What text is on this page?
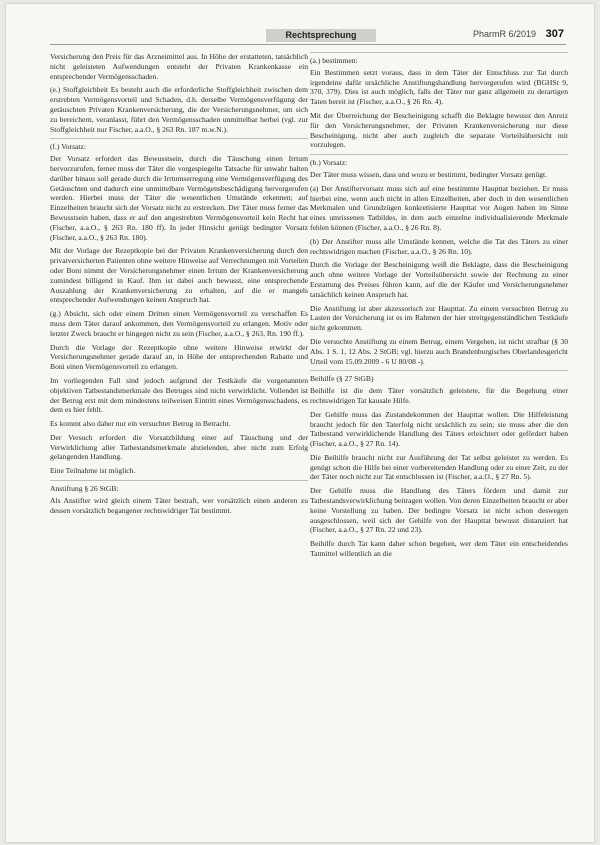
Rechtsprechung	PharmR 6/2019 307
Versicherung den Preis für das Arzneimittel aus. In Höhe der erstatteten, tatsächlich nicht geleisteten Aufwendungen entsteht der Privaten Krankenkasse ein entsprechender Vermögensschaden.
(e.) Stoffgleichheit Es besteht auch die erforderliche Stoffgleichheit zwischen dem erstrebten Vermögensvorteil und Schaden, d.h. derselbe Vermögensverfügung der getäuschten Privaten Krankenversicherung, die der Versicherungsnehmer, um sich zu bereichern, veranlasst, führt den Vermögensschaden unmittelbar herbei (vgl. zur Stoffgleichheit nur Fischer, a.a.O., § 263 Rn. 187 m.w.N.).
(f.) Vorsatz:
Der Vorsatz erfordert das Bewusstsein, durch die Täuschung einen Irrtum hervorzurufen, ferner muss der Täter die vorgespiegelte Tatsache für unwahr halten darüber hinaus soll gerade durch die Irrtumserregung eine Vermögensverfügung des Getäuschten und dadurch eine unmittelbare Vermögensbeschädigung hervorgerufen werden. Hierbei muss der Täter die wesentlichen Umstände erkennen; auf Einzelheiten braucht sich der Vorsatz nicht zu erstrecken. Der Täter muss ferner das Bewusstsein haben, dass er auf den angestrebten Vermögensvorteil kein Recht hat (Fischer, a.a.O., § 263 Rn. 180 ff). In jeder Hinsicht genügt bedingter Vorsatz (Fischer, a.a.O., § 263 Rn. 180).
Mit der Vorlage der Rezeptkopie bei der Privaten Krankenversicherung durch den privatversicherten Patienten ohne weitere Hinweise auf Verrechnungen mit Vorteilen oder Boni nimmt der Versicherungsnehmer einen Irrtum der Krankenversicherung zumindest billigend in Kauf. Ihm ist dabei auch bewusst, eine entsprechende Auszahlung der Krankenversicherung zu erhalten, auf die er mangels entsprechender Aufwendungen keinen Anspruch hat.
(g.) Absicht, sich oder einem Dritten einen Vermögensvorteil zu verschaffen Es muss dem Täter darauf ankommen, den Vermögensvorteil zu erlangen. Motiv oder letzter Zweck braucht er hingegen nicht zu sein (Fischer, a.a.O., § 263, Rn. 190 ff.).
Durch die Vorlage der Rezeptkopie ohne weitere Hinweise erwirkt der Versicherungsnehmer gerade darauf an, in Höhe der entsprechenden Rabatte und Boni einen Vermögensvorteil zu erlangen.
Im vorliegenden Fall sind jedoch aufgrund der Testkäufe die vorgenannten objektiven Tatbestandsmerkmale des Betruges sind nicht verwirklicht. Vollendet ist der Betrug erst mit dem mindestens teilweisen Eintritt eines Vermögensschadens, es dem es hier fehlt.
Es kommt also daher nur ein versuchter Betrug in Betracht.
Der Versuch erfordert die Vorsatzbildung einer auf Täuschung und der Verwirklichung aller Tatbestandsmerkmale abzielenden, aber nicht zum Erfolg gelangenden Handlung.
Eine Teilnahme ist möglich.
Anstiftung § 26 StGB:
Als Anstifter wird gleich einem Täter bestraft, wer vorsätzlich einen anderen zu dessen vorsätzlich begangener rechtswidriger Tat bestimmt.
(a.) bestimmen:
Ein Bestimmen setzt voraus, dass in dem Täter der Entschluss zur Tat durch irgendeine dafür ursächliche Anstiftungshandlung hervorgerufen wird (BGHSt 9, 370, 379). Dies ist auch möglich, falls der Täter nur ganz allgemein zu derartigen Taten bereit ist (Fischer, a.a.O., § 26 Rn. 4).
Mit der Überreichung der Bescheinigung schafft die Beklagte bewusst den Anreiz für den Versicherungsnehmer, der Privaten Krankenversicherung nur diese Bescheinigung, nicht aber auch zugleich die separate Vorteilsübersicht mit vorzulegen.
(b.) Vorsatz:
Der Täter muss wissen, dass und wozu er bestimmt, bedingter Vorsatz genügt.
(a) Der Anstiftervorsatz muss sich auf eine bestimmte Haupttat beziehen. Er muss hierbei eine, wenn auch nicht in allen Einzelheiten, aber doch in den wesentlichen Merkmalen und Grundzügen konkretisierte Haupttat vor Augen haben im Sinne eines umrissenen Tatbildes, in dem auch einzelne individualisierende Merkmale fehlen können (Fischer, a.a.O., § 26 Rn. 8).
(b) Der Anstifter muss alle Umstände kennen, welche die Tat des Täters zu einer rechtswidrigen machen (Fischer, a.a.O., § 26 Rn. 10).
Durch die Vorlage der Bescheinigung weiß die Beklagte, dass die Bescheinigung auch ohne weitere Vorlage der Vorteilsübersicht sowie der Rechnung zu einer Erstattung des Preises führen kann, auf die der Käufer und Versicherungsnehmer tatsächlich keinen Anspruch hat.
Die Anstiftung ist aber akzessorisch zur Haupttat. Zu einem versuchten Betrug zu Lasten der Versicherung ist es im Rahmen der hier streitgegenständlichen Testkäufe nicht gekommen.
Die versuchte Anstiftung zu einem Betrug, einem Vergehen, ist nicht strafbar (§ 30 Abs. 1 S. 1, 12 Abs. 2 StGB; vgl. hierzu auch Brandenburgisches Oberlandesgericht Urteil vom 15.09.2009 - 6 U 80/08 -).
Beihilfe (§ 27 StGB)
Beihilfe ist die dem Täter vorsätzlich geleistete, für die Begehung einer rechtswidrigen Tat kausale Hilfe.
Der Gehilfe muss das Zustandekommen der Haupttat wollen. Die Hilfeleistung braucht jedoch für den Taterfolg nicht ursächlich zu sein; sie muss aber die den Tatbestand verwirklichende Handlung des Täters erleichtert oder gefördert haben (Fischer, a.a.O., § 27 Rn. 14).
Die Beihilfe braucht nicht zur Ausführung der Tat selbst geleistet zu werden. Es genügt schon die Hilfe bei einer vorbereitenden Handlung oder zu einer Zeit, zu der der Täter noch nicht zur Tat entschlossen ist (Fischer, a.a.O., § 27 Rn. 5).
Der Gehilfe muss die Handlung des Täters fördern und damit zur Tatbestandsverwirklichung beitragen wollen. Von deren Einzelheiten braucht er aber keine Vorstellung zu haben. Der bedingte Vorsatz ist nicht schon deswegen ausgeschlossen, weil sich der Gehilfe von der Haupttat bewusst distanziert hat (Fischer, a.a.O., § 27 Rn. 22 und 23).
Beihilfe durch Tat kann daher schon begehen, wer dem Täter ein entscheidendes Tatmittel willentlich an die
